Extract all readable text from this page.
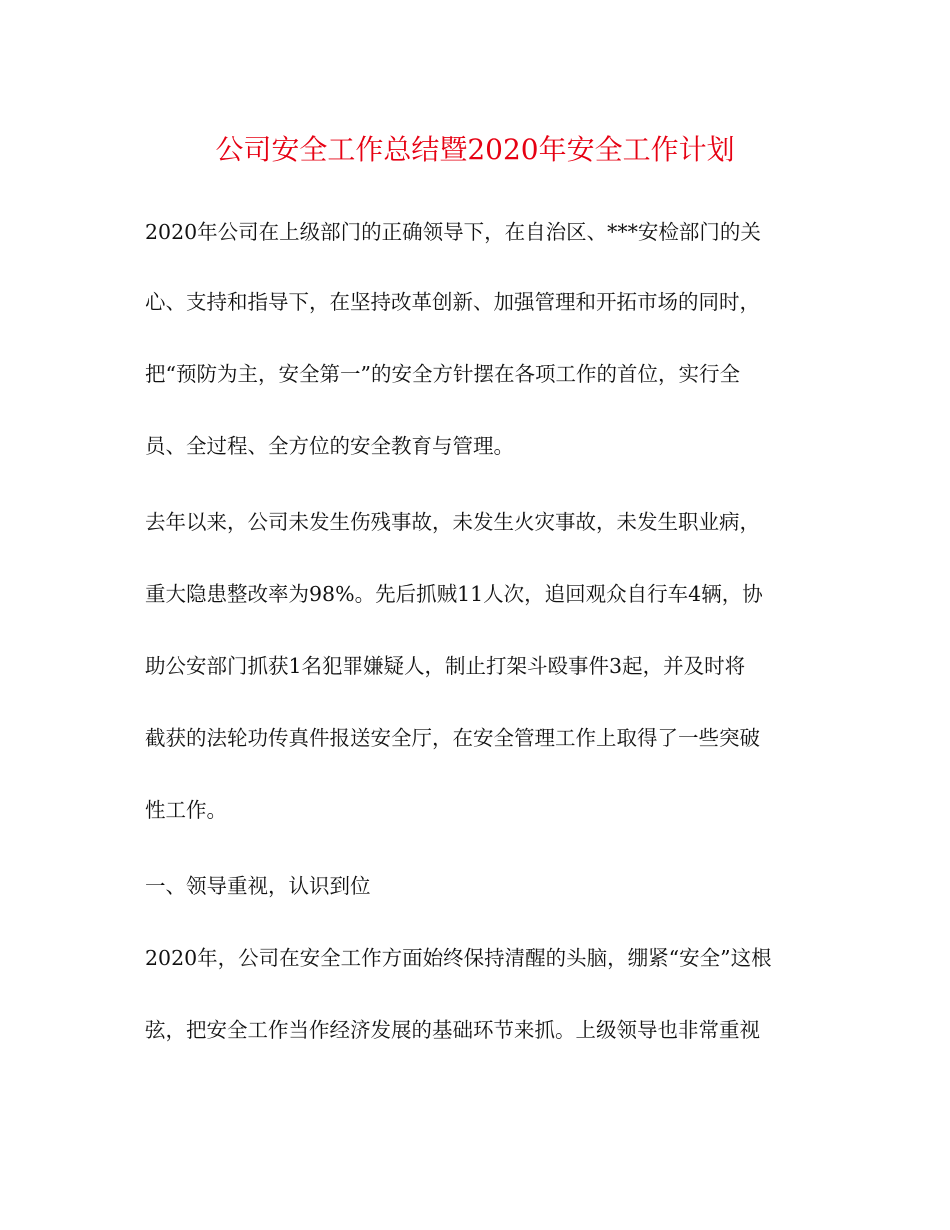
公司安全工作总结暨2020年安全工作计划
2020年公司在上级部门的正确领导下，在自治区、***安检部门的关
心、支持和指导下，在坚持改革创新、加强管理和开拓市场的同时，
把“预防为主，安全第一”的安全方针摆在各项工作的首位，实行全
员、全过程、全方位的安全教育与管理。
去年以来，公司未发生伤残事故，未发生火灾事故，未发生职业病，
重大隐患整改率为98%。先后抓贼11人次，追回观众自行车4辆，协
助公安部门抓获1名犯罪嫌疑人，制止打架斗殴事件3起，并及时将
截获的法轮功传真件报送安全厅，在安全管理工作上取得了一些突破
性工作。
一、领导重视，认识到位
2020年，公司在安全工作方面始终保持清醒的头脑，绷紧“安全”这根
弦，把安全工作当作经济发展的基础环节来抓。上级领导也非常重视
